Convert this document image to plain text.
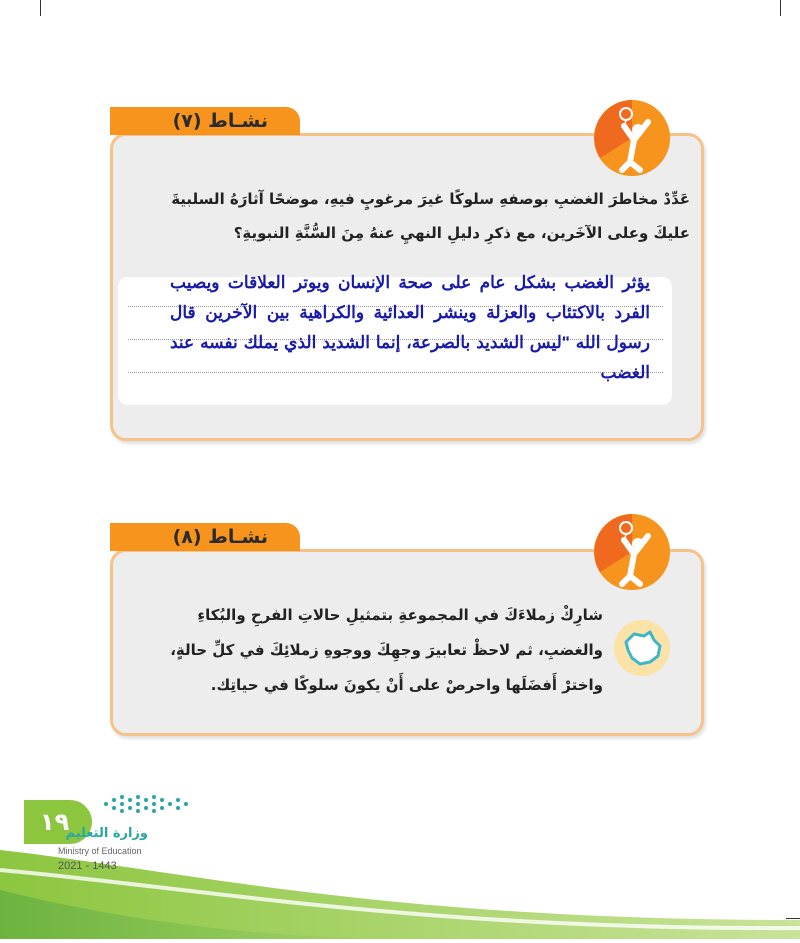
نشـاط (٧)
عَدِّدْ مخاطرَ الغضبِ بوصفهِ سلوكًا غيرَ مرغوبٍ فيهِ، موضحًا آثارَهُ السلبيةَ عليكَ وعلى الآخَرين، مع ذكرِ دليلِ النهيِ عنهُ مِنَ السُّنَّةِ النبويةِ؟
يؤثر الغضب بشكل عام على صحة الإنسان ويوتر العلاقات ويصيب الفرد بالاكتئاب والعزلة وينشر العدائية والكراهية بين الآخرين قال رسول الله "ليس الشديد بالصرعة، إنما الشديد الذي يملك نفسه عند الغضب
نشـاط (٨)
شارِكْ زملاءَكَ في المجموعةِ بتمثيلِ حالاتِ الفرحِ والبُكاءِ والغضبِ، ثم لاحظْ تعابيرَ وجهِكَ ووجوهِ زملائِكَ في كلِّ حالةٍ، واخترْ أَفضَلَها واحرصْ على أَنْ يكونَ سلوكًا في حياتِك.
١٩
وزارة التعليم
Ministry of Education
2021 - 1443
